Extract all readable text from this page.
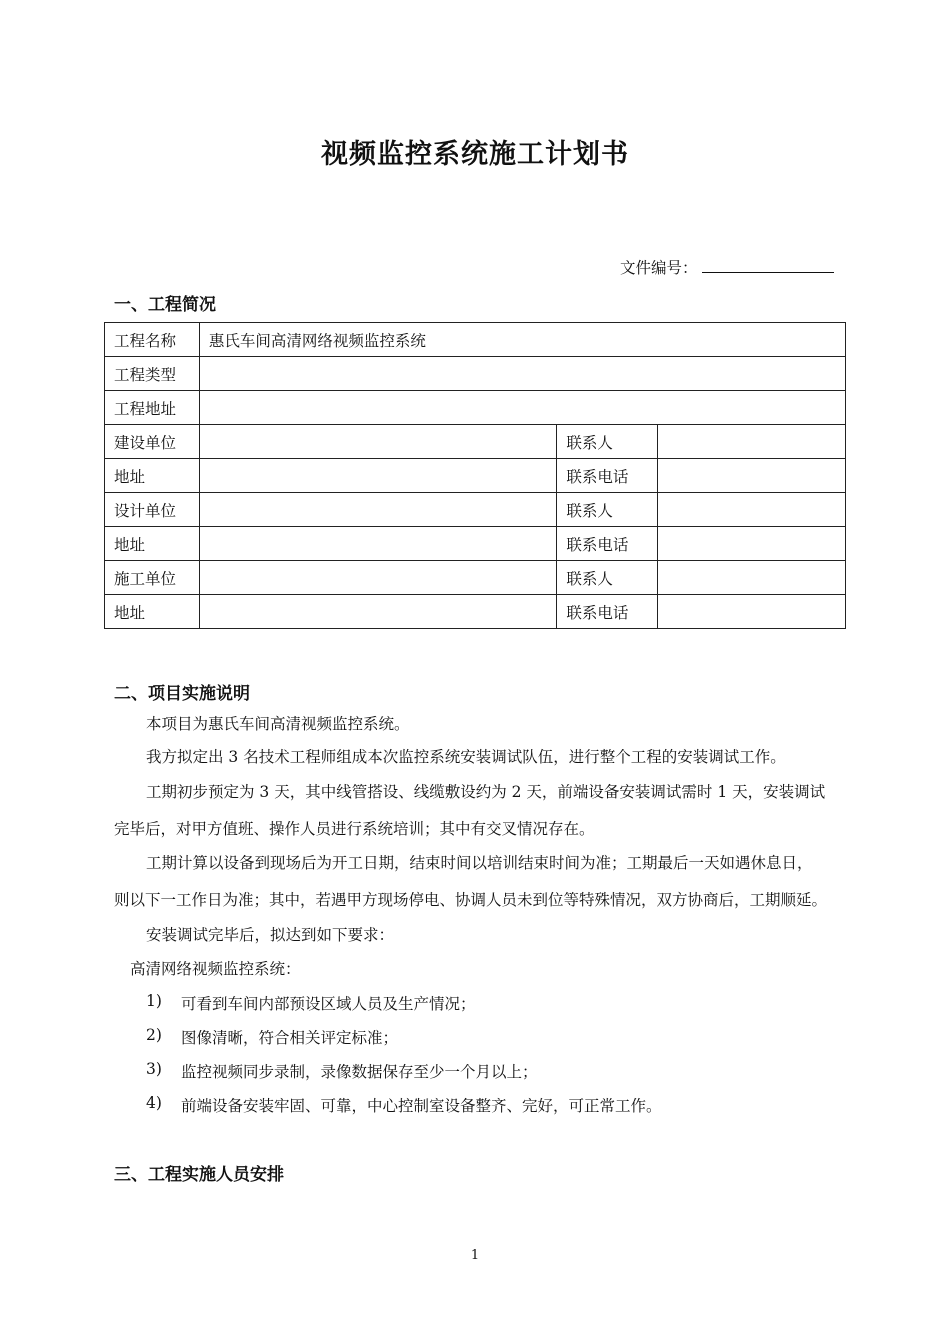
视频监控系统施工计划书
文件编号：
一、工程简况
工程名称	惠氏车间高清网络视频监控系统		
工程类型			
工程地址			
建设单位		联系人	
地址		联系电话	
设计单位		联系人	
地址		联系电话	
施工单位		联系人	
地址		联系电话	
二、项目实施说明
本项目为惠氏车间高清视频监控系统。
我方拟定出 3 名技术工程师组成本次监控系统安装调试队伍，进行整个工程的安装调试工作。
工期初步预定为 3 天，其中线管搭设、线缆敷设约为 2 天，前端设备安装调试需时 1 天，安装调试
完毕后，对甲方值班、操作人员进行系统培训；其中有交叉情况存在。
工期计算以设备到现场后为开工日期，结束时间以培训结束时间为准；工期最后一天如遇休息日，
则以下一工作日为准；其中，若遇甲方现场停电、协调人员未到位等特殊情况，双方协商后，工期顺延。
安装调试完毕后，拟达到如下要求：
高清网络视频监控系统：
1) 可看到车间内部预设区域人员及生产情况；
2) 图像清晰，符合相关评定标准；
3) 监控视频同步录制，录像数据保存至少一个月以上；
4) 前端设备安装牢固、可靠，中心控制室设备整齐、完好，可正常工作。
三、工程实施人员安排
1
